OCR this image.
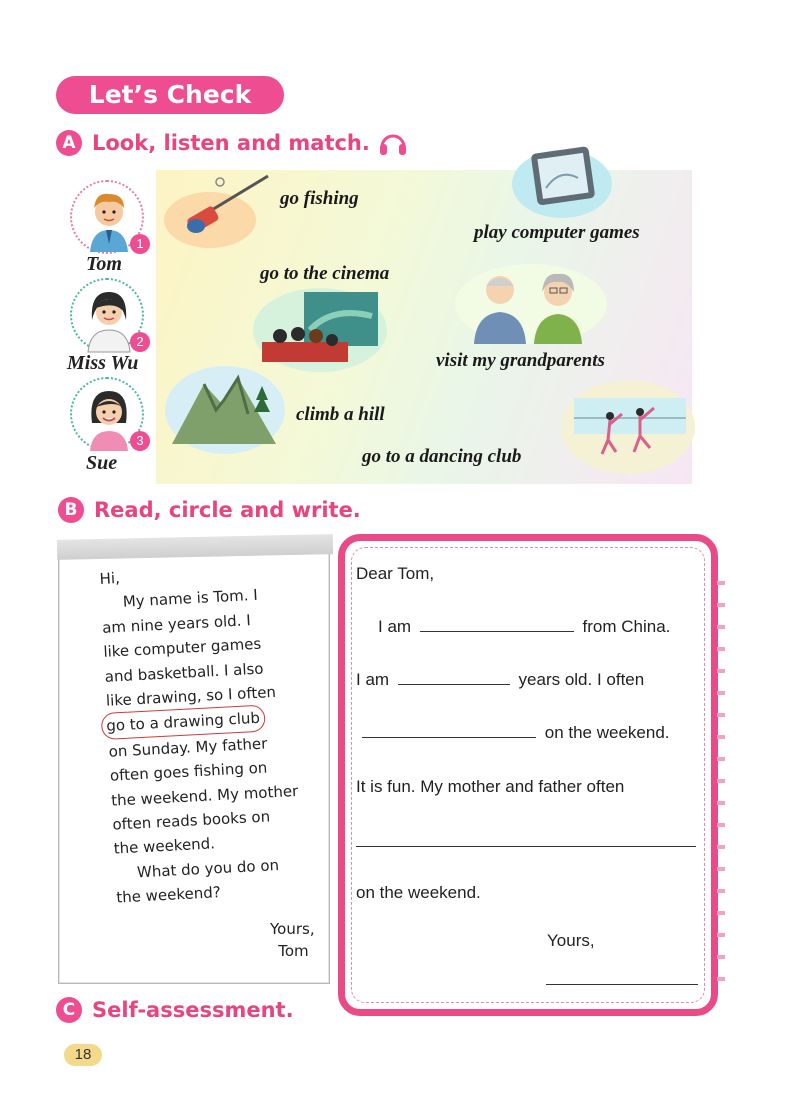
Let’s Check
A Look, listen and match.
1
Tom
2
Miss Wu
3
Sue
go fishing
play computer games
go to the cinema
visit my grandparents
climb a hill
go to a dancing club
B Read, circle and write.
Hi,
My name is Tom. I
am nine years old. I
like computer games
and basketball. I also
like drawing, so I often
go to a drawing club
on Sunday. My father
often goes fishing on
the weekend. My mother
often reads books on
the weekend.
What do you do on
the weekend?
Yours,
Tom
Dear Tom,
I am	from China.
I am	years old. I often
on the weekend.
It is fun. My mother and father often
on the weekend.
Yours,
C Self-assessment.
18
